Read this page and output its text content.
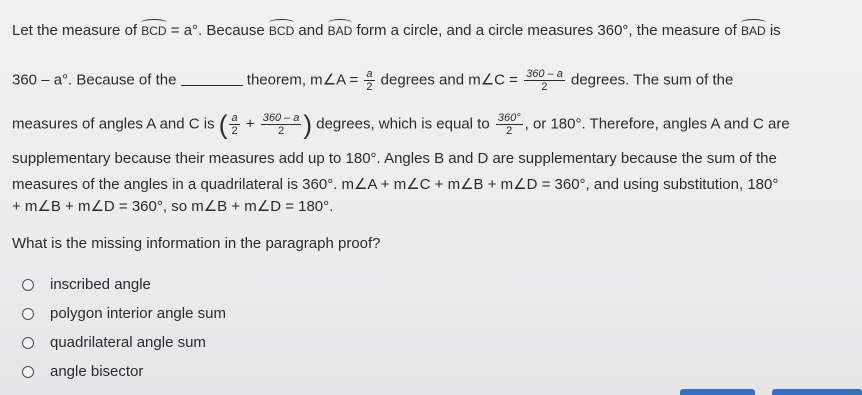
Let the measure of BCD = a°. Because BCD and BAD form a circle, and a circle measures 360°, the measure of BAD is
360 – a°. Because of the	theorem, m∠A = $\frac{a}{2}$ degrees and m∠C = $\frac{360 - a}{2}$ degrees. The sum of the
measures of angles A and C is ( $\frac{a}{2} + \frac{360 - a}{2}$ ) degrees, which is equal to $\frac{360^\circ}{2}$ , or 180°. Therefore, angles A and C are
supplementary because their measures add up to 180°. Angles B and D are supplementary because the sum of the
measures of the angles in a quadrilateral is 360°. m∠A + m∠C + m∠B + m∠D = 360°, and using substitution, 180°
+ m∠B + m∠D = 360°, so m∠B + m∠D = 180°.
What is the missing information in the paragraph proof?
inscribed angle
polygon interior angle sum
quadrilateral angle sum
angle bisector
